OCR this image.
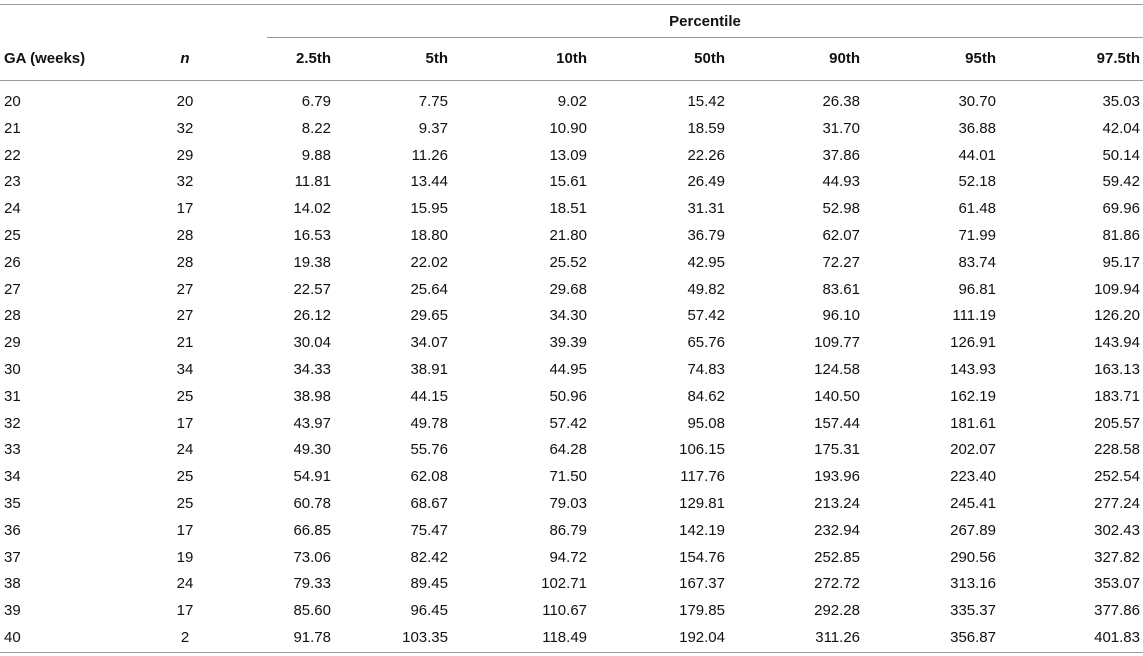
Percentile
GA (weeks)	n	2.5th	5th	10th	50th	90th	95th	97.5th
20	20	6.79	7.75	9.02	15.42	26.38	30.70	35.03
21	32	8.22	9.37	10.90	18.59	31.70	36.88	42.04
22	29	9.88	11.26	13.09	22.26	37.86	44.01	50.14
23	32	11.81	13.44	15.61	26.49	44.93	52.18	59.42
24	17	14.02	15.95	18.51	31.31	52.98	61.48	69.96
25	28	16.53	18.80	21.80	36.79	62.07	71.99	81.86
26	28	19.38	22.02	25.52	42.95	72.27	83.74	95.17
27	27	22.57	25.64	29.68	49.82	83.61	96.81	109.94
28	27	26.12	29.65	34.30	57.42	96.10	111.19	126.20
29	21	30.04	34.07	39.39	65.76	109.77	126.91	143.94
30	34	34.33	38.91	44.95	74.83	124.58	143.93	163.13
31	25	38.98	44.15	50.96	84.62	140.50	162.19	183.71
32	17	43.97	49.78	57.42	95.08	157.44	181.61	205.57
33	24	49.30	55.76	64.28	106.15	175.31	202.07	228.58
34	25	54.91	62.08	71.50	117.76	193.96	223.40	252.54
35	25	60.78	68.67	79.03	129.81	213.24	245.41	277.24
36	17	66.85	75.47	86.79	142.19	232.94	267.89	302.43
37	19	73.06	82.42	94.72	154.76	252.85	290.56	327.82
38	24	79.33	89.45	102.71	167.37	272.72	313.16	353.07
39	17	85.60	96.45	110.67	179.85	292.28	335.37	377.86
40	2	91.78	103.35	118.49	192.04	311.26	356.87	401.83
